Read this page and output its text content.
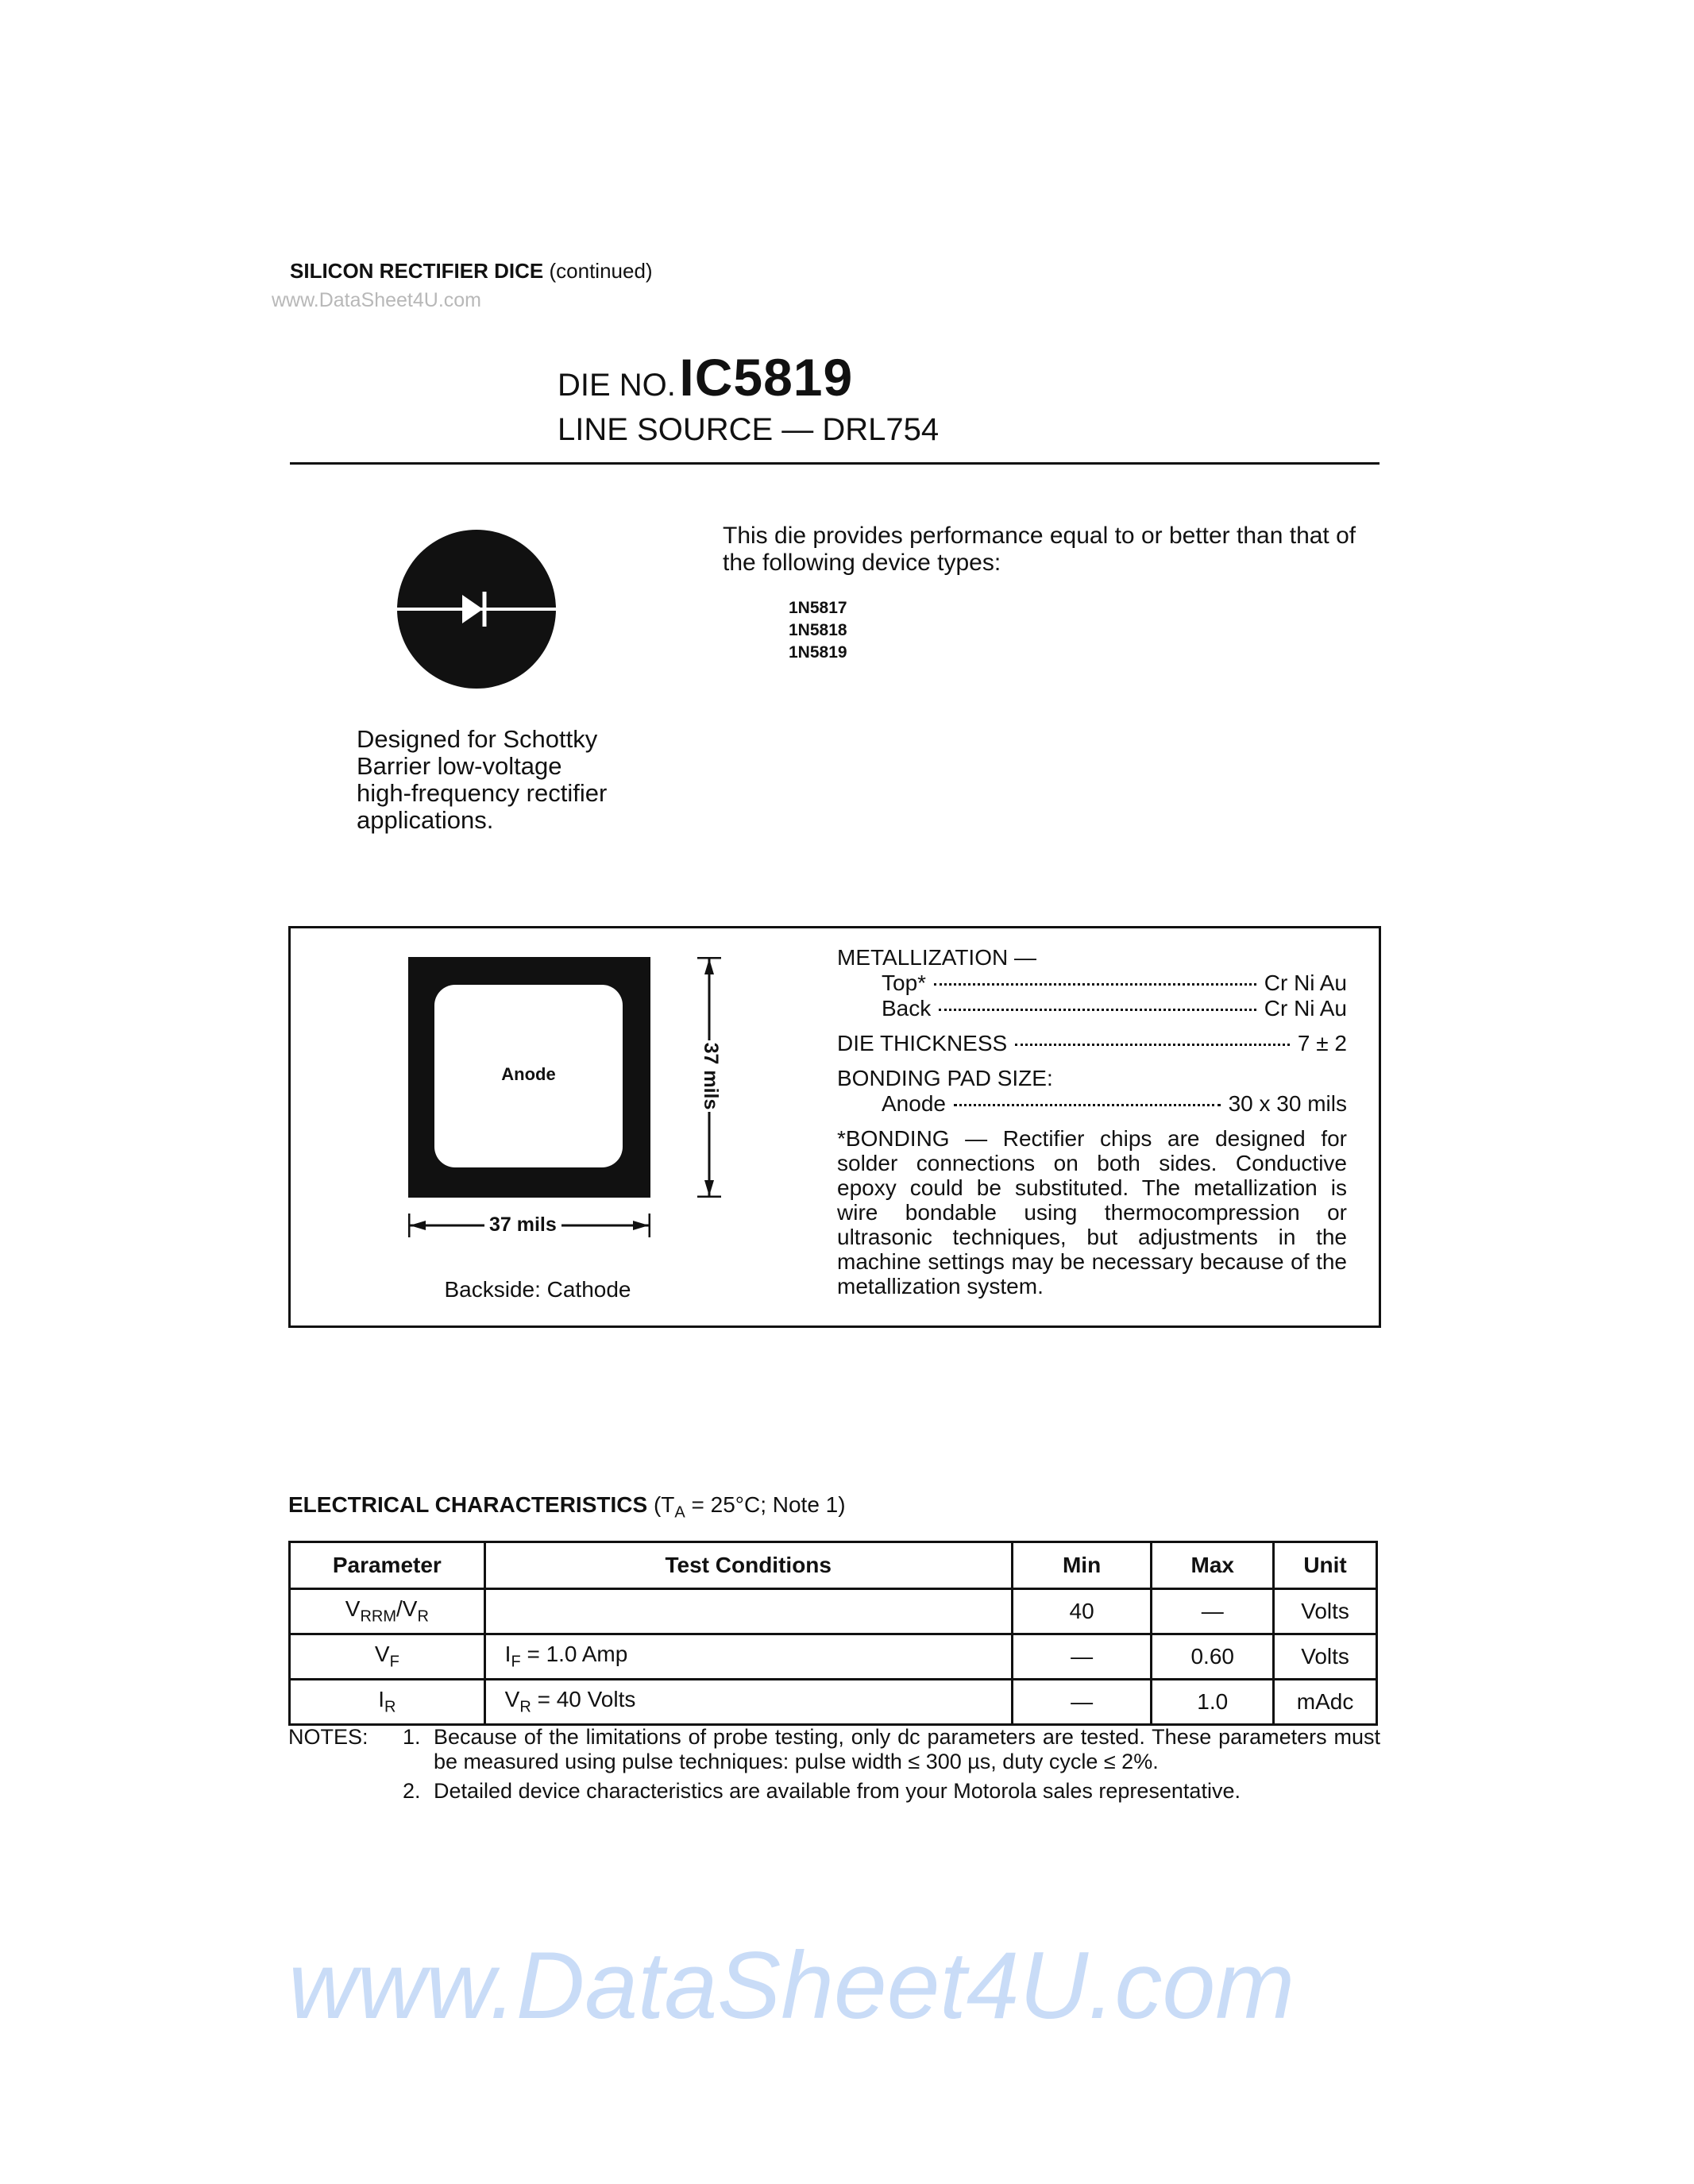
www.DataSheet4U.com
SILICON RECTIFIER DICE (continued)
www.DataSheet4U.com
DIE NO. IC5819
LINE SOURCE — DRL754
This die provides performance equal to or better than that of the following device types:
1N5817
1N5818
1N5819
Designed for Schottky
Barrier low-voltage
high-frequency rectifier
applications.
Anode	37 mils
37 mils
Backside: Cathode
METALLIZATION —
Top*	Cr Ni Au
Back	Cr Ni Au
DIE THICKNESS	7 ± 2
BONDING PAD SIZE:
Anode	30 x 30 mils
*BONDING — Rectifier chips are designed for solder connections on both sides. Conductive epoxy could be substituted. The metallization is wire bondable using thermocompression or ultrasonic techniques, but adjustments in the machine settings may be necessary because of the metallization system.
ELECTRICAL CHARACTERISTICS ($T_A = 25^\circ C$; Note 1)
Parameter	Test Conditions	Min	Max	Unit
$V_{RRM}/V_R$		40	—	Volts
$V_F$	$I_F = 1.0$ Amp	—	0.60	Volts
$I_R$	$V_R = 40$ Volts	—	1.0	mAdc
NOTES: 1. Because of the limitations of probe testing, only dc parameters are tested. These parameters must be measured using pulse techniques: pulse width ≤ 300 µs, duty cycle ≤ 2%.
2. Detailed device characteristics are available from your Motorola sales representative.
